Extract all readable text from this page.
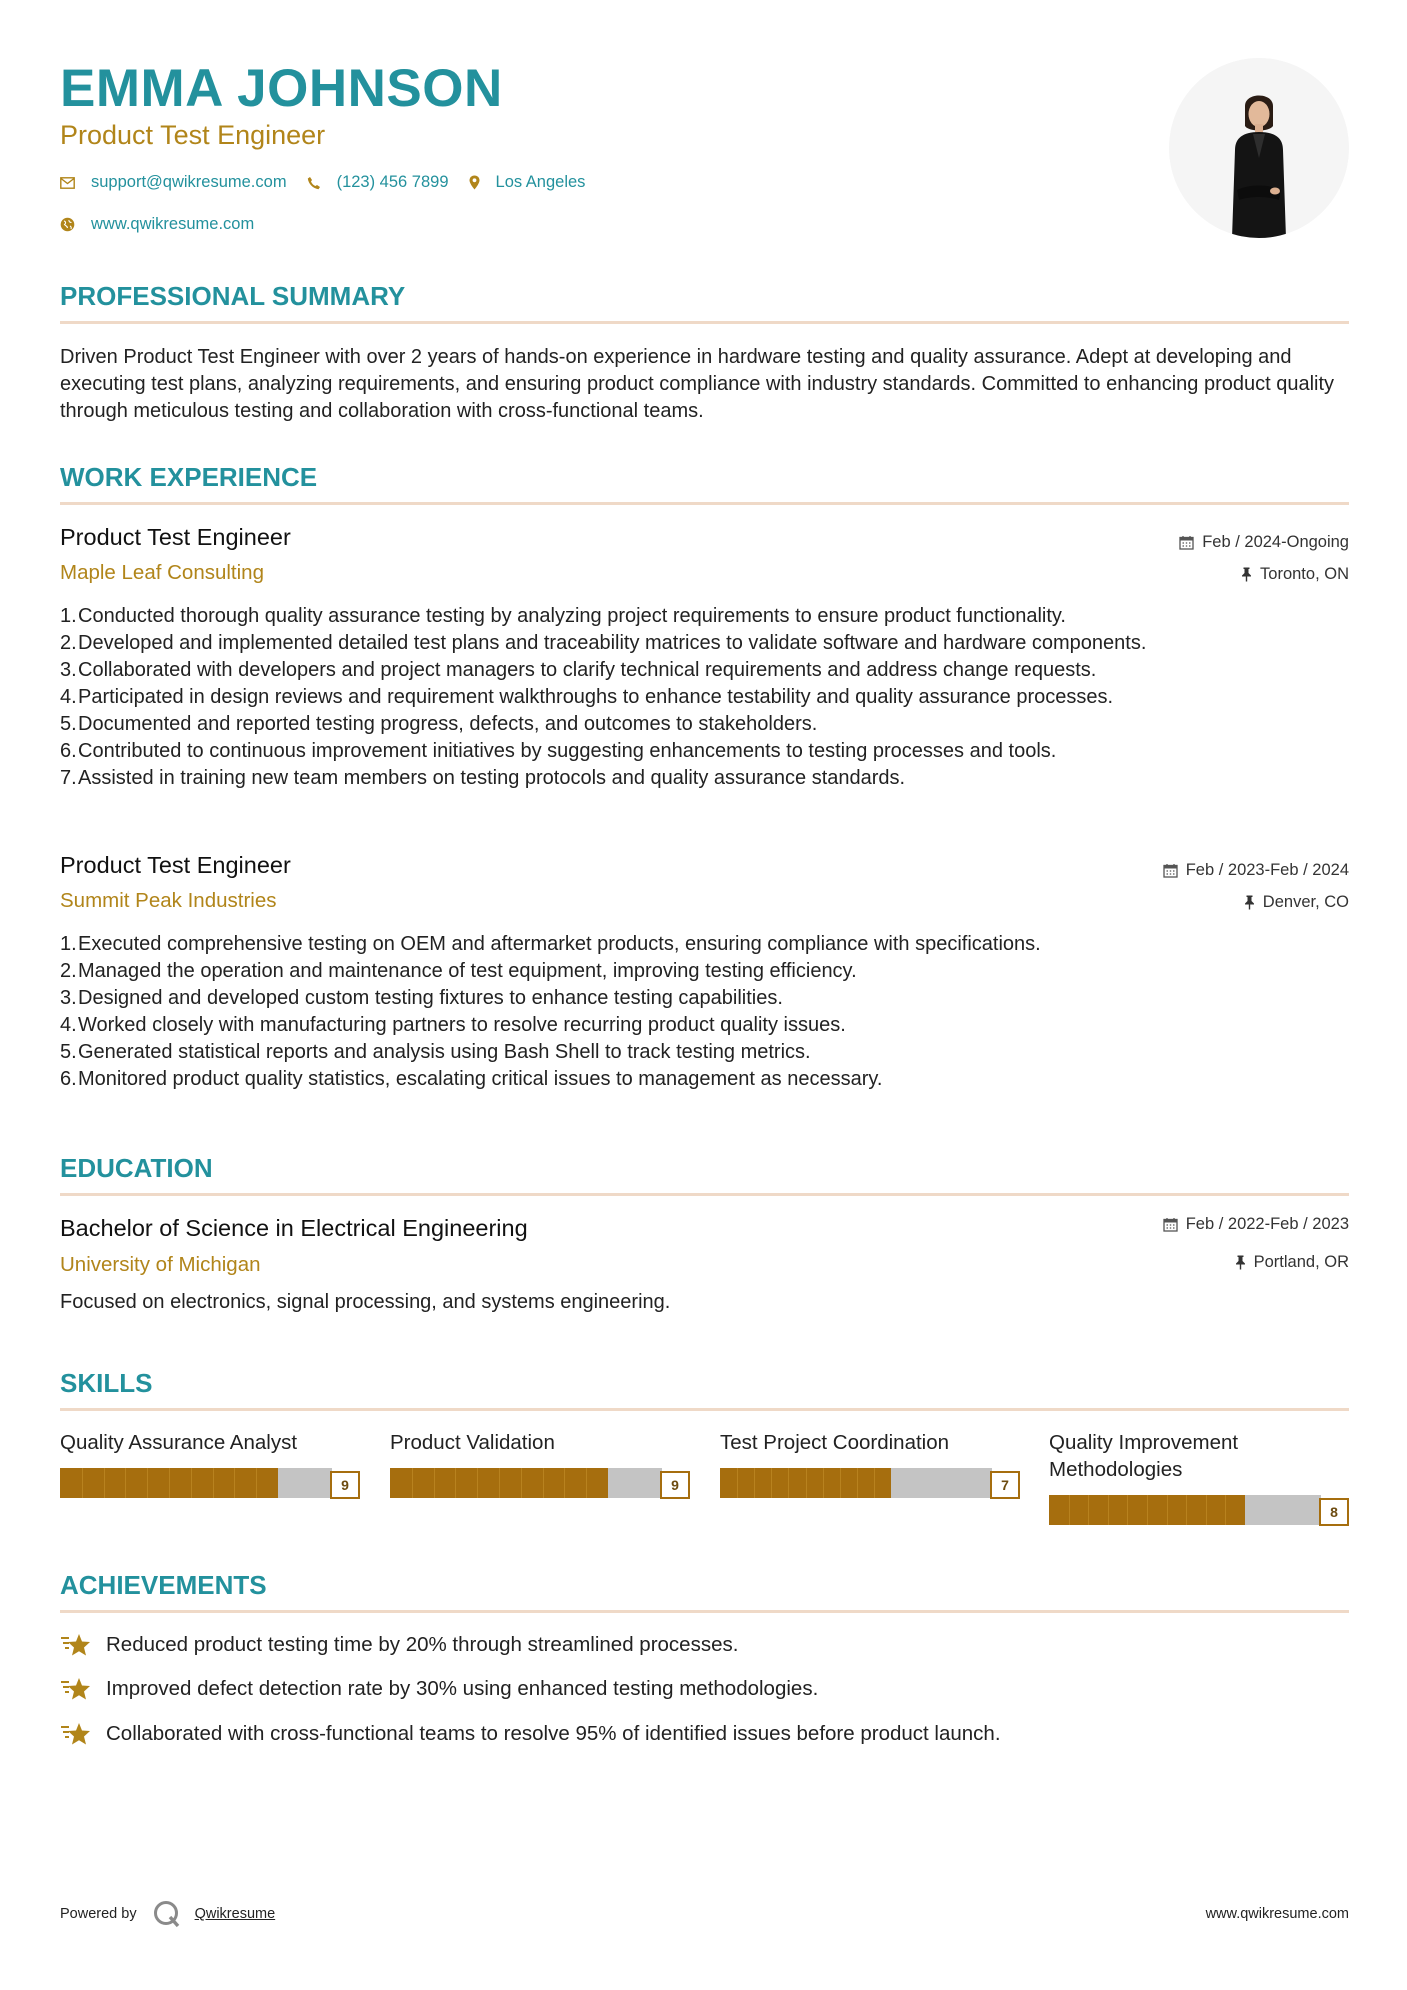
EMMA JOHNSON
Product Test Engineer
support@qwikresume.com	(123) 456 7899	Los Angeles
www.qwikresume.com
PROFESSIONAL SUMMARY

Driven Product Test Engineer with over 2 years of hands-on experience in hardware testing and quality assurance. Adept at developing and executing test plans, analyzing requirements, and ensuring product compliance with industry standards. Committed to enhancing product quality through meticulous testing and collaboration with cross-functional teams.

WORK EXPERIENCE
Product Test Engineer
Maple Leaf Consulting
Feb / 2024-Ongoing
Toronto, ON
1. Conducted thorough quality assurance testing by analyzing project requirements to ensure product functionality.
2. Developed and implemented detailed test plans and traceability matrices to validate software and hardware components.
3. Collaborated with developers and project managers to clarify technical requirements and address change requests.
4. Participated in design reviews and requirement walkthroughs to enhance testability and quality assurance processes.
5. Documented and reported testing progress, defects, and outcomes to stakeholders.
6. Contributed to continuous improvement initiatives by suggesting enhancements to testing processes and tools.
7. Assisted in training new team members on testing protocols and quality assurance standards.
Product Test Engineer
Summit Peak Industries
Feb / 2023-Feb / 2024
Denver, CO
1. Executed comprehensive testing on OEM and aftermarket products, ensuring compliance with specifications.
2. Managed the operation and maintenance of test equipment, improving testing efficiency.
3. Designed and developed custom testing fixtures to enhance testing capabilities.
4. Worked closely with manufacturing partners to resolve recurring product quality issues.
5. Generated statistical reports and analysis using Bash Shell to track testing metrics.
6. Monitored product quality statistics, escalating critical issues to management as necessary.
EDUCATION
Bachelor of Science in Electrical Engineering
University of Michigan
Feb / 2022-Feb / 2023
Portland, OR

Focused on electronics, signal processing, and systems engineering.

SKILLS
Quality Assurance Analyst
9
Product Validation
9
Test Project Coordination
7
Quality Improvement Methodologies
8
ACHIEVEMENTS
Reduced product testing time by 20% through streamlined processes.
Improved defect detection rate by 30% using enhanced testing methodologies.
Collaborated with cross-functional teams to resolve 95% of identified issues before product launch.
Powered by	Qwikresume	www.qwikresume.com
